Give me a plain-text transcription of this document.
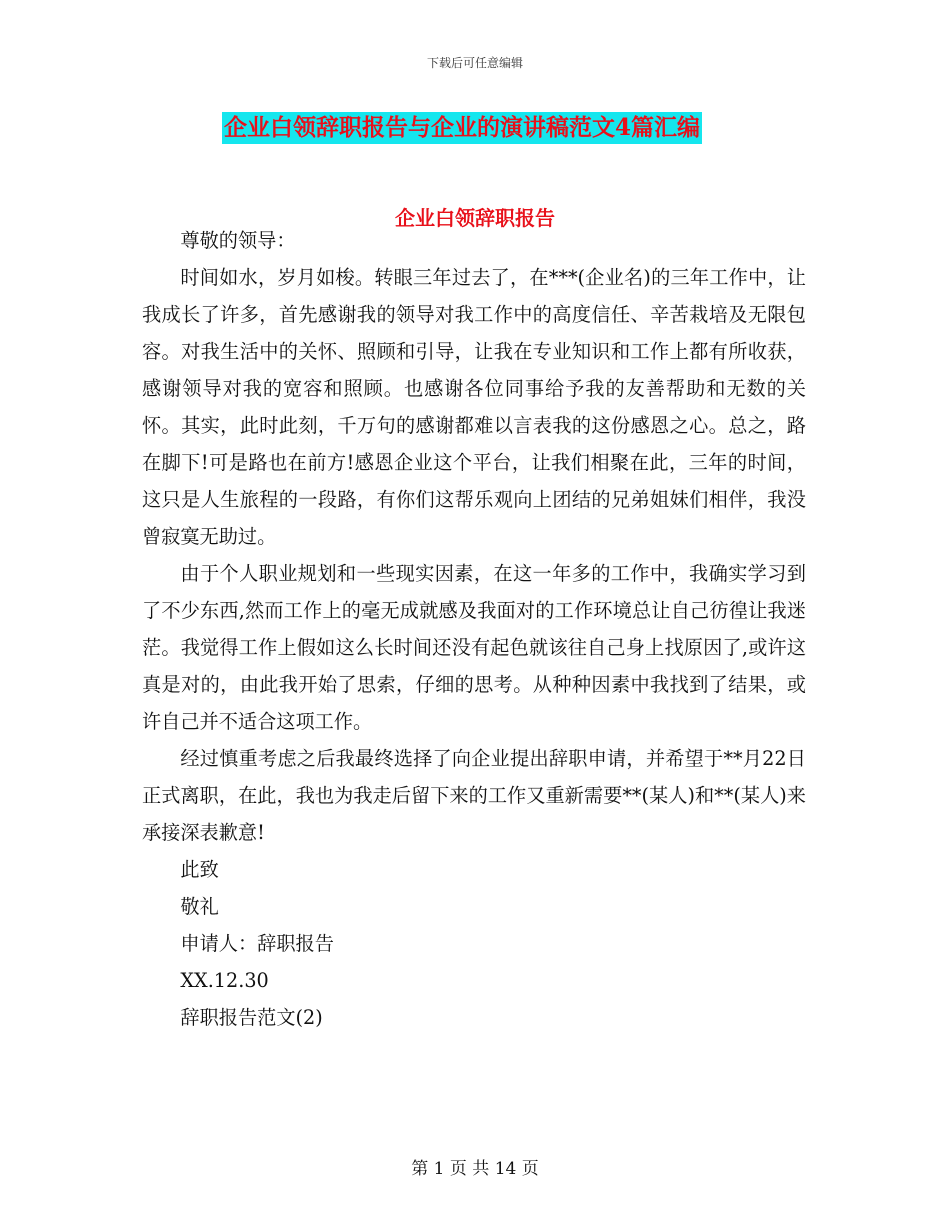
下载后可任意编辑
企业白领辞职报告与企业的演讲稿范文4篇汇编
企业白领辞职报告

尊敬的领导：

时间如水，岁月如梭。转眼三年过去了，在***(企业名)的三年工作中，让我成长了许多，首先感谢我的领导对我工作中的高度信任、辛苦栽培及无限包容。对我生活中的关怀、照顾和引导，让我在专业知识和工作上都有所收获，感谢领导对我的宽容和照顾。也感谢各位同事给予我的友善帮助和无数的关怀。其实，此时此刻，千万句的感谢都难以言表我的这份感恩之心。总之，路在脚下!可是路也在前方!感恩企业这个平台，让我们相聚在此，三年的时间，这只是人生旅程的一段路，有你们这帮乐观向上团结的兄弟姐妹们相伴，我没曾寂寞无助过。

由于个人职业规划和一些现实因素，在这一年多的工作中，我确实学习到了不少东西,然而工作上的毫无成就感及我面对的工作环境总让自己彷徨让我迷茫。我觉得工作上假如这么长时间还没有起色就该往自己身上找原因了,或许这真是对的，由此我开始了思索，仔细的思考。从种种因素中我找到了结果，或许自己并不适合这项工作。

经过慎重考虑之后我最终选择了向企业提出辞职申请，并希望于**月22日正式离职，在此，我也为我走后留下来的工作又重新需要**(某人)和**(某人)来承接深表歉意!

此致

敬礼

申请人：辞职报告

XX.12.30

辞职报告范文(2)

第 1 页 共 14 页
